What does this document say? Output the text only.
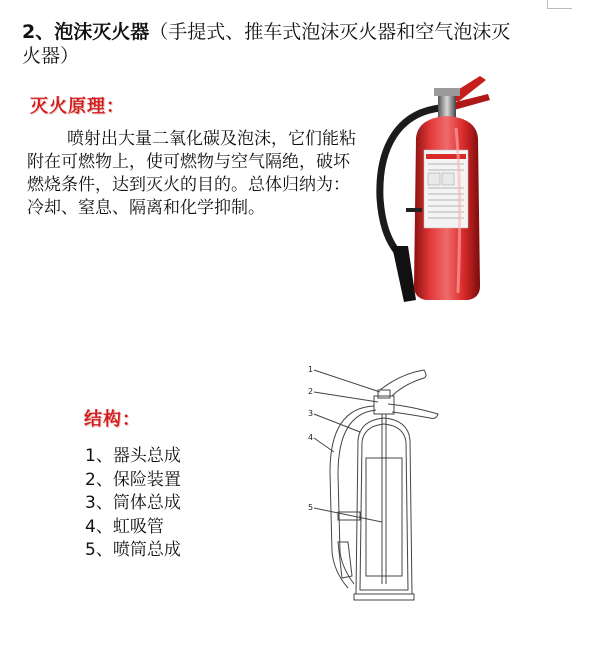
2、泡沫灭火器（手提式、推车式泡沫灭火器和空气泡沫灭火器）
灭火原理：
喷射出大量二氧化碳及泡沫，它们能粘附在可燃物上，使可燃物与空气隔绝，破坏燃烧条件，达到灭火的目的。总体归纳为：冷却、窒息、隔离和化学抑制。
结构：
1、器头总成
2、保险装置
3、筒体总成
4、虹吸管
5、喷筒总成
1
2
3
4
5
